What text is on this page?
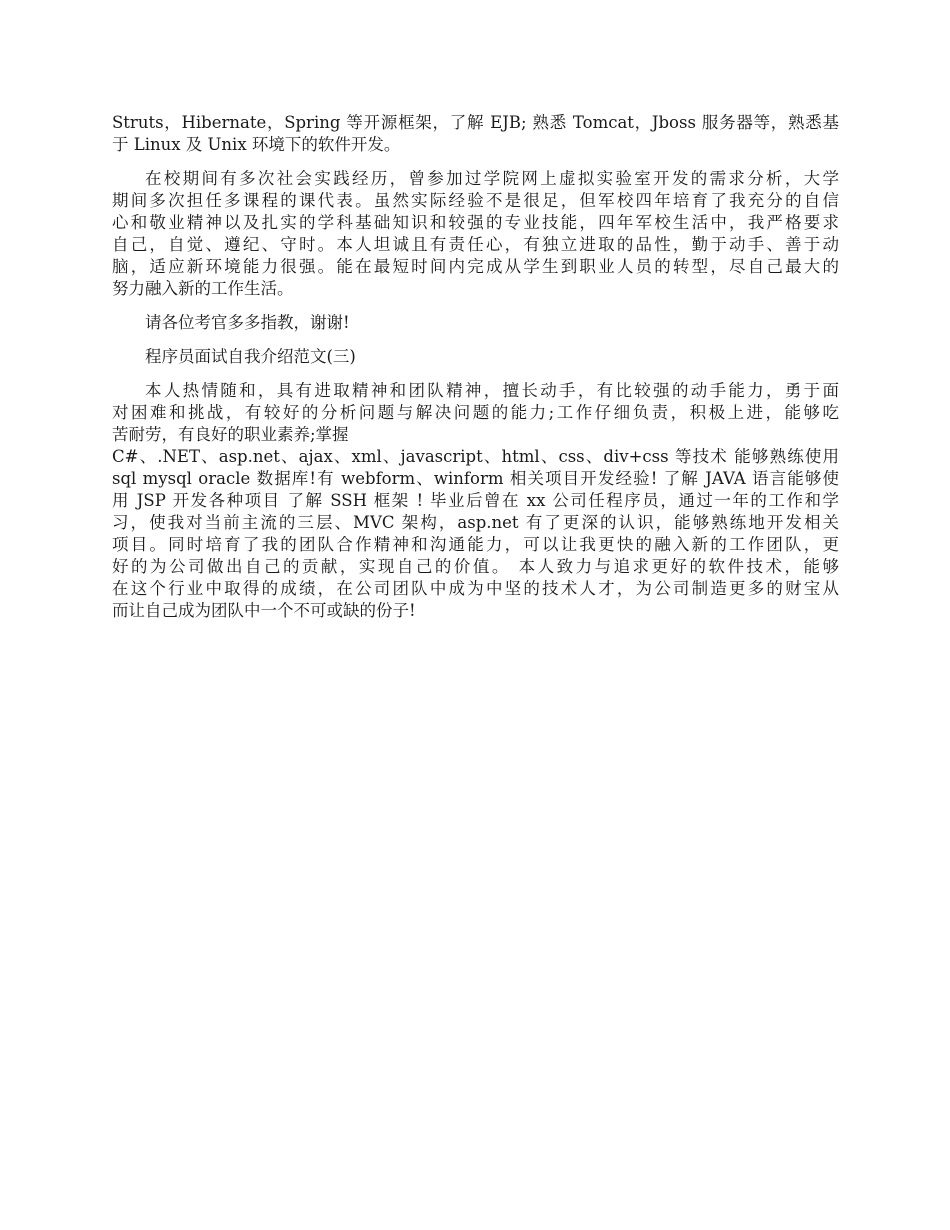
Struts，Hibernate，Spring 等开源框架，了解 EJB; 熟悉 Tomcat，Jboss 服务器等，熟悉基
于 Linux 及 Unix 环境下的软件开发。
在校期间有多次社会实践经历，曾参加过学院网上虚拟实验室开发的需求分析，大学
期间多次担任多课程的课代表。虽然实际经验不是很足，但军校四年培育了我充分的自信
心和敬业精神以及扎实的学科基础知识和较强的专业技能，四年军校生活中，我严格要求
自己，自觉、遵纪、守时。本人坦诚且有责任心，有独立进取的品性，勤于动手、善于动
脑，适应新环境能力很强。能在最短时间内完成从学生到职业人员的转型，尽自己最大的
努力融入新的工作生活。
请各位考官多多指教，谢谢!
程序员面试自我介绍范文(三)
本人热情随和，具有进取精神和团队精神，擅长动手，有比较强的动手能力，勇于面
对困难和挑战，有较好的分析问题与解决问题的能力;工作仔细负责，积极上进，能够吃
苦耐劳，有良好的职业素养;掌握
C#、.NET、asp.net、ajax、xml、javascript、html、css、div+css 等技术 能够熟练使用
sql mysql oracle 数据库!有 webform、winform 相关项目开发经验! 了解 JAVA 语言能够使
用 JSP 开发各种项目 了解 SSH 框架 ! 毕业后曾在 xx 公司任程序员，通过一年的工作和学
习，使我对当前主流的三层、MVC 架构，asp.net 有了更深的认识，能够熟练地开发相关
项目。同时培育了我的团队合作精神和沟通能力，可以让我更快的融入新的工作团队，更
好的为公司做出自己的贡献，实现自己的价值。 本人致力与追求更好的软件技术，能够
在这个行业中取得的成绩，在公司团队中成为中坚的技术人才，为公司制造更多的财宝从
而让自己成为团队中一个不可或缺的份子!
